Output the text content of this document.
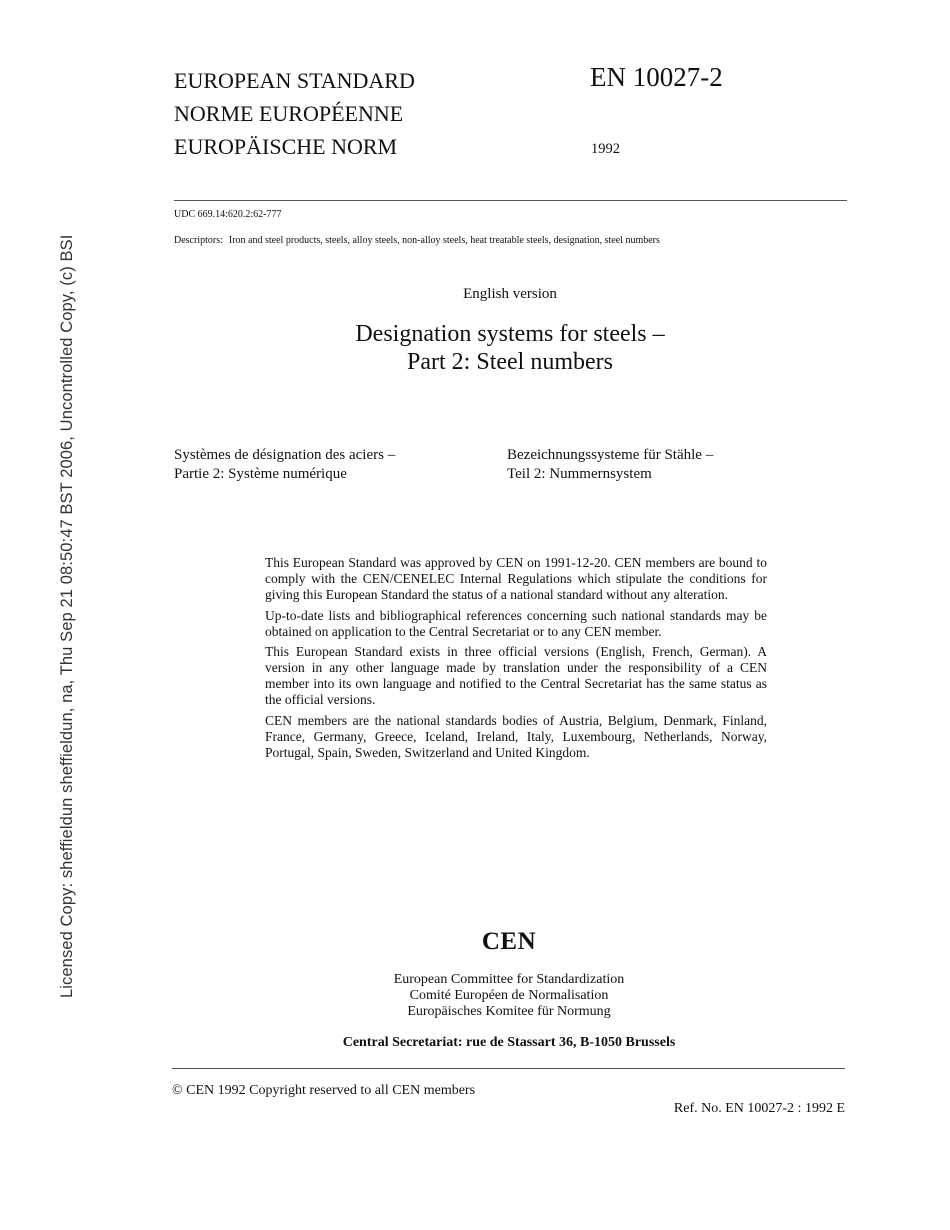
Licensed Copy: sheffieldun sheffieldun, na, Thu Sep 21 08:50:47 BST 2006, Uncontrolled Copy, (c) BSI
EUROPEAN STANDARD
NORME EUROPÉENNE
EUROPÄISCHE NORM
EN 10027-2
1992
UDC 669.14:620.2:62-777
Descriptors: Iron and steel products, steels, alloy steels, non-alloy steels, heat treatable steels, designation, steel numbers
English version
Designation systems for steels –
Part 2: Steel numbers
Systèmes de désignation des aciers –
Partie 2: Système numérique
Bezeichnungssysteme für Stähle –
Teil 2: Nummernsystem

This European Standard was approved by CEN on 1991-12-20. CEN members are bound to comply with the CEN/CENELEC Internal Regulations which stipulate the conditions for giving this European Standard the status of a national standard without any alteration.

Up-to-date lists and bibliographical references concerning such national standards may be obtained on application to the Central Secretariat or to any CEN member.

This European Standard exists in three official versions (English, French, German). A version in any other language made by translation under the responsibility of a CEN member into its own language and notified to the Central Secretariat has the same status as the official versions.

CEN members are the national standards bodies of Austria, Belgium, Denmark, Finland, France, Germany, Greece, Iceland, Ireland, Italy, Luxembourg, Netherlands, Norway, Portugal, Spain, Sweden, Switzerland and United Kingdom.

CEN
European Committee for Standardization
Comité Européen de Normalisation
Europäisches Komitee für Normung
Central Secretariat: rue de Stassart 36, B-1050 Brussels
© CEN 1992 Copyright reserved to all CEN members
Ref. No. EN 10027-2 : 1992 E
